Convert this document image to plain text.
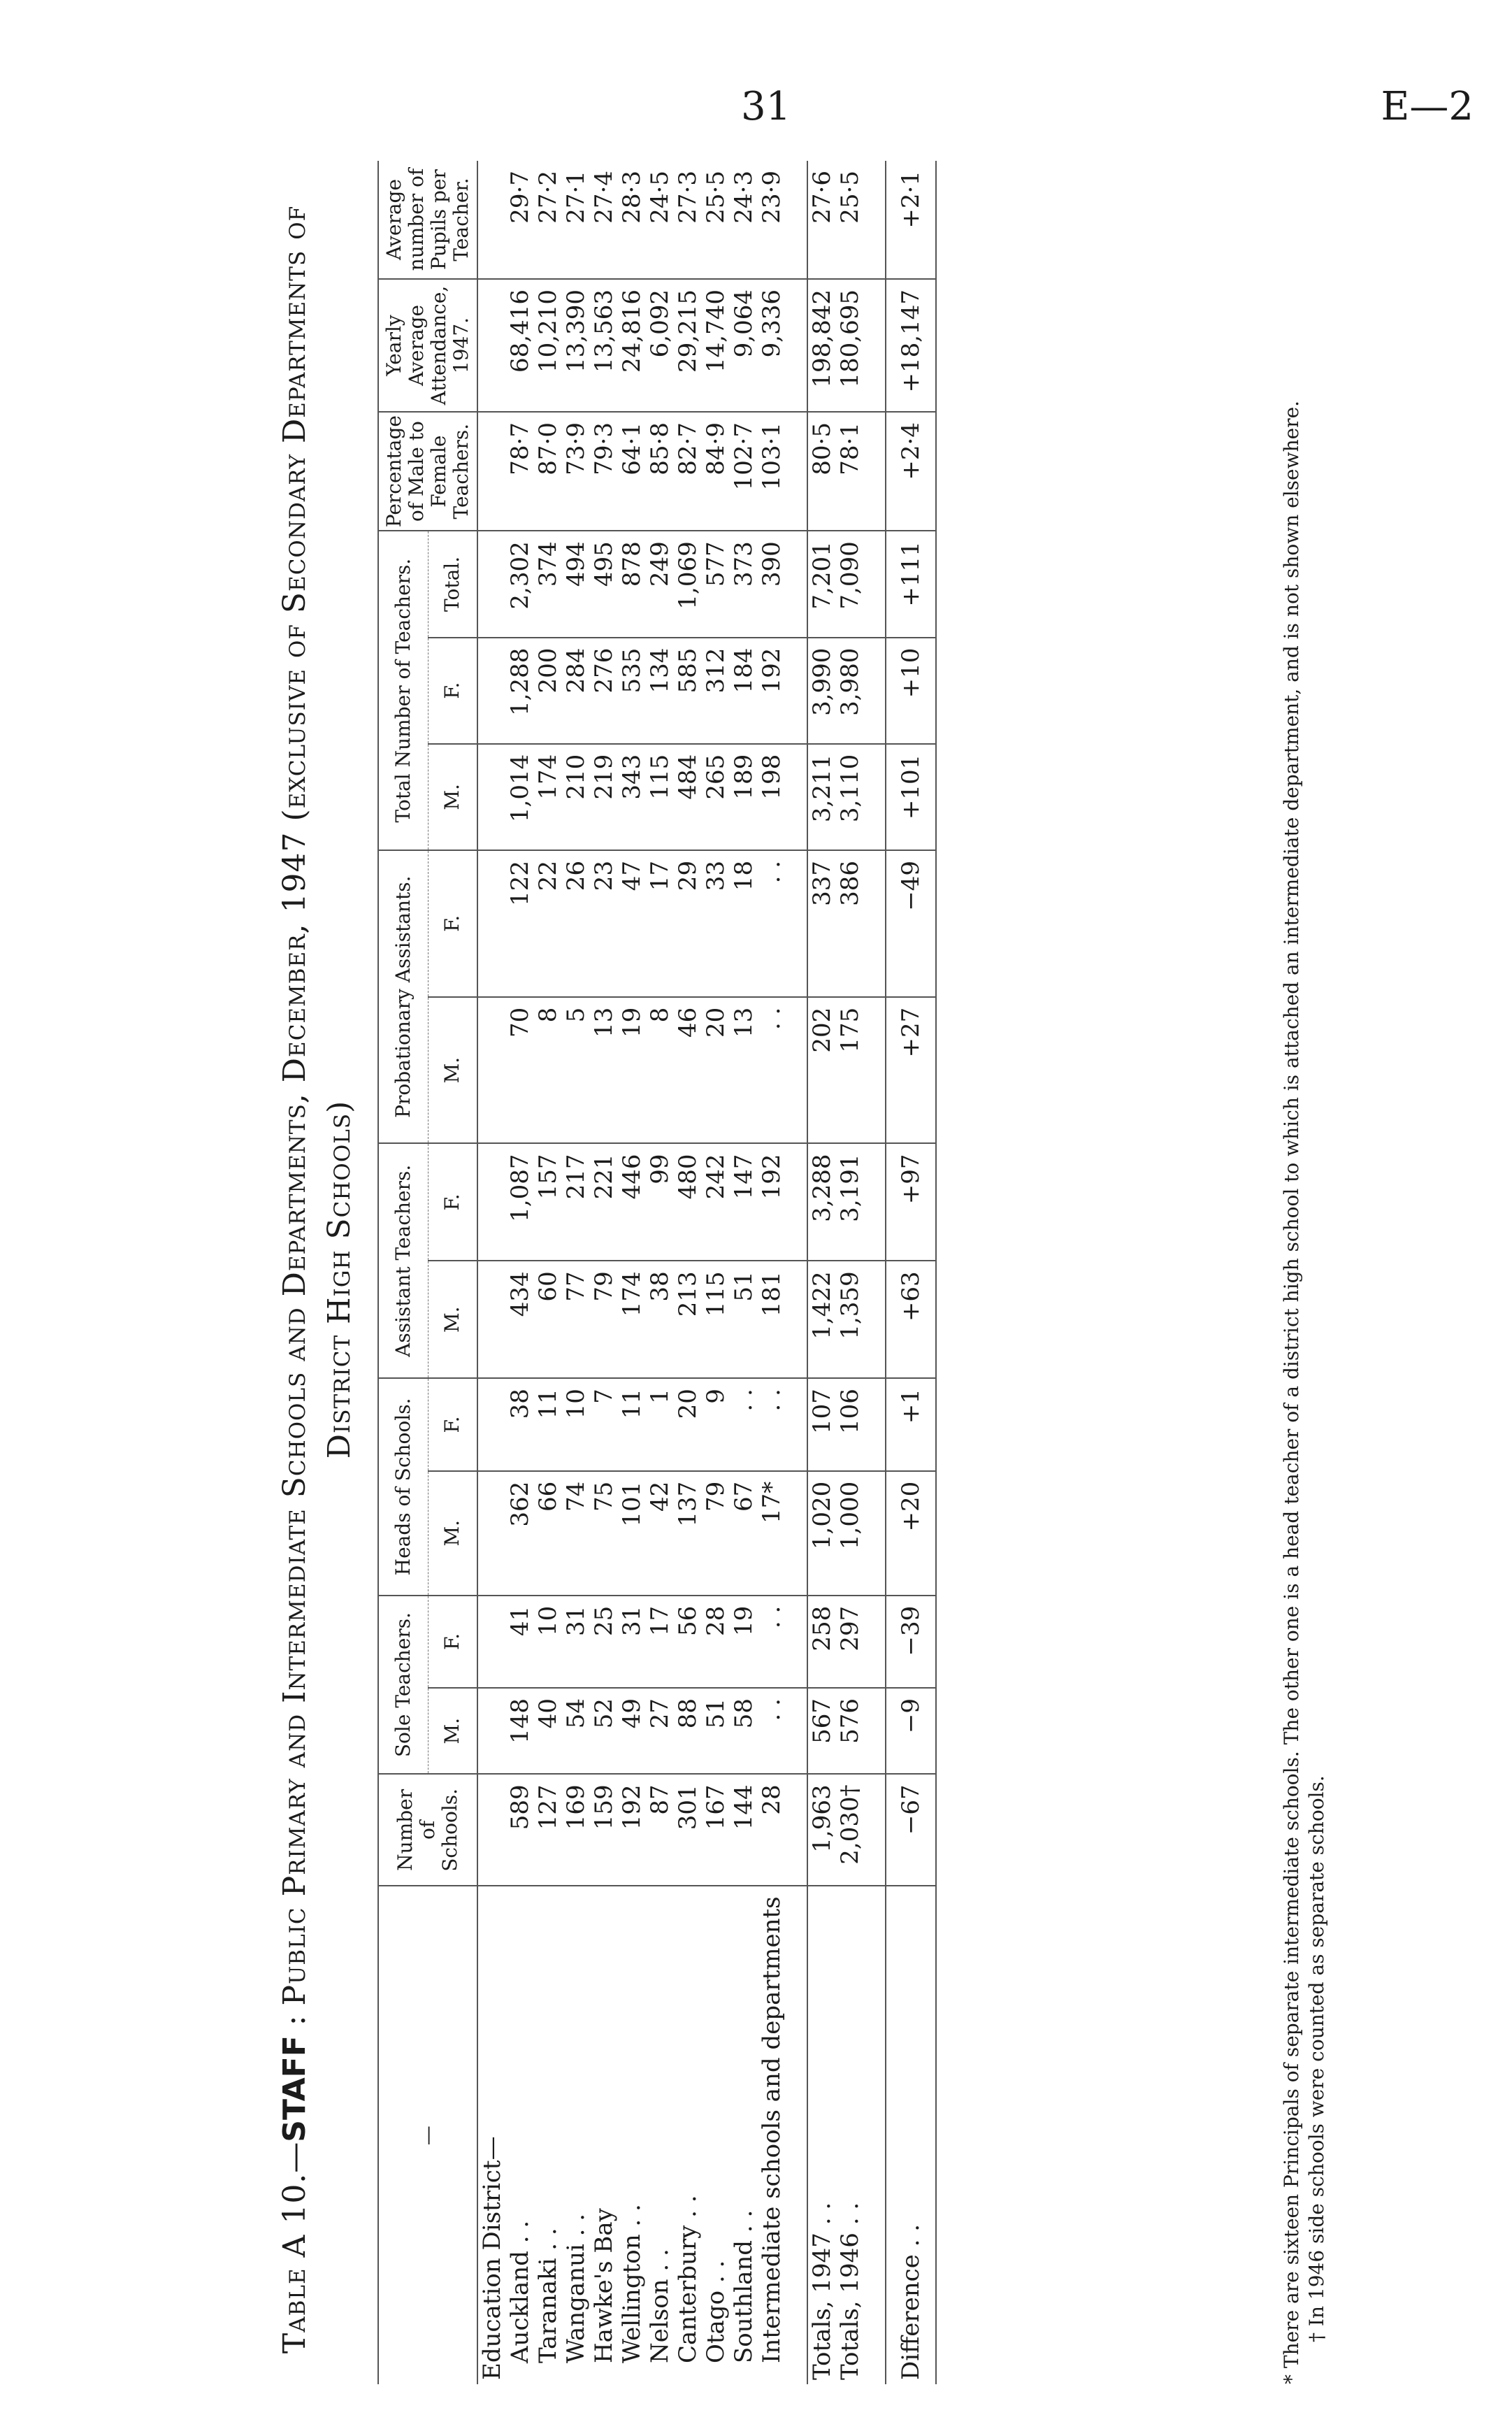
31	E—2
Table A 10.—STAFF : Public Primary and Intermediate Schools and Departments, December, 1947 (exclusive of Secondary Departments of District High Schools)
—	Number of Schools.	Sole Teachers.		Heads of Schools.		Assistant Teachers.		Probationary Assistants.		Total Number of Teachers.			Percentage of Male to Female Teachers.	Yearly Average Attendance, 1947.	Average number of Pupils per Teacher.
		M.	F.	M.	F.	M.	F.	M.	F.	M.	F.	Total.			
Education District—															
Auckland . .	589	148	41	362	38	434	1,087	70	122	1,014	1,288	2,302	78·7	68,416	29·7
Taranaki . .	127	40	10	66	11	60	157	8	22	174	200	374	87·0	10,210	27·2
Wanganui . .	169	54	31	74	10	77	217	5	26	210	284	494	73·9	13,390	27·1
Hawke's Bay	159	52	25	75	7	79	221	13	23	219	276	495	79·3	13,563	27·4
Wellington . .	192	49	31	101	11	174	446	19	47	343	535	878	64·1	24,816	28·3
Nelson . .	87	27	17	42	1	38	99	8	17	115	134	249	85·8	6,092	24·5
Canterbury . .	301	88	56	137	20	213	480	46	29	484	585	1,069	82·7	29,215	27·3
Otago . .	167	51	28	79	9	115	242	20	33	265	312	577	84·9	14,740	25·5
Southland . .	144	58	19	67	. .	51	147	13	18	189	184	373	102·7	9,064	24·3
Intermediate schools and departments	28	. .	. .	17*	. .	181	192	. .	. .	198	192	390	103·1	9,336	23·9

Totals, 1947 . .	1,963	567	258	1,020	107	1,422	3,288	202	337	3,211	3,990	7,201	80·5	198,842	27·6
Totals, 1946 . .	2,030†	576	297	1,000	106	1,359	3,191	175	386	3,110	3,980	7,090	78·1	180,695	25·5

Difference . .	−67	−9	−39	+20	+1	+63	+97	+27	−49	+101	+10	+111	+2·4	+18,147	+2·1

* There are sixteen Principals of separate intermediate schools. The other one is a head teacher of a district high school to which is attached an intermediate department, and is not shown elsewhere. † In 1946 side schools were counted as separate schools.
